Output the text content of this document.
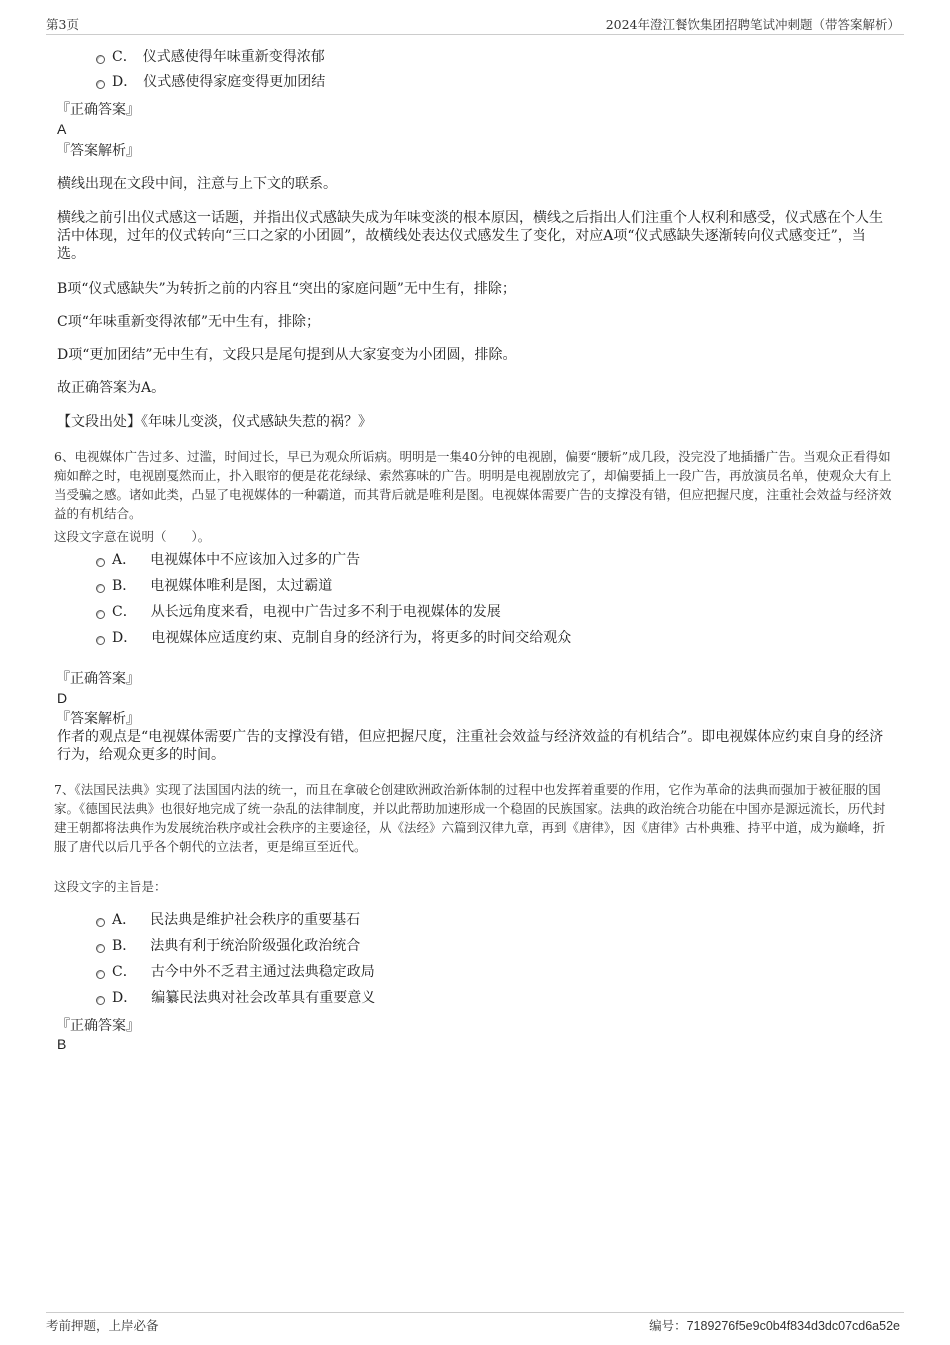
第3页	2024年澄江餐饮集团招聘笔试冲刺题（带答案解析）
C． 仪式感使得年味重新变得浓郁
D． 仪式感使得家庭变得更加团结
『正确答案』
A
『答案解析』
横线出现在文段中间，注意与上下文的联系。
横线之前引出仪式感这一话题，并指出仪式感缺失成为年味变淡的根本原因，横线之后指出人们注重个人权利和感受，仪式感在个人生活中体现，过年的仪式转向“三口之家的小团圆”，故横线处表达仪式感发生了变化，对应A项“仪式感缺失逐渐转向仪式感变迁”，当选。
B项“仪式感缺失”为转折之前的内容且“突出的家庭问题”无中生有，排除；
C项“年味重新变得浓郁”无中生有，排除；
D项“更加团结”无中生有，文段只是尾句提到从大家宴变为小团圆，排除。
故正确答案为A。
【文段出处】《年味儿变淡，仪式感缺失惹的祸？》
6、电视媒体广告过多、过滥，时间过长，早已为观众所诟病。明明是一集40分钟的电视剧，偏要“腰斩”成几段，没完没了地插播广告。当观众正看得如痴如醉之时，电视剧戛然而止，扑入眼帘的便是花花绿绿、索然寡味的广告。明明是电视剧放完了，却偏要插上一段广告，再放演员名单，使观众大有上当受骗之感。诸如此类，凸显了电视媒体的一种霸道，而其背后就是唯利是图。电视媒体需要广告的支撑没有错，但应把握尺度，注重社会效益与经济效益的有机结合。
这段文字意在说明（　　）。
A． 电视媒体中不应该加入过多的广告
B． 电视媒体唯利是图，太过霸道
C． 从长远角度来看，电视中广告过多不利于电视媒体的发展
D． 电视媒体应适度约束、克制自身的经济行为，将更多的时间交给观众
『正确答案』
D
『答案解析』
作者的观点是“电视媒体需要广告的支撑没有错，但应把握尺度，注重社会效益与经济效益的有机结合”。即电视媒体应约束自身的经济行为，给观众更多的时间。
7、《法国民法典》实现了法国国内法的统一，而且在拿破仑创建欧洲政治新体制的过程中也发挥着重要的作用，它作为革命的法典而强加于被征服的国家。《德国民法典》也很好地完成了统一杂乱的法律制度，并以此帮助加速形成一个稳固的民族国家。法典的政治统合功能在中国亦是源远流长，历代封建王朝都将法典作为发展统治秩序或社会秩序的主要途径，从《法经》六篇到汉律九章，再到《唐律》，因《唐律》古朴典雅、持平中道，成为巅峰，折服了唐代以后几乎各个朝代的立法者，更是绵亘至近代。
这段文字的主旨是：
A． 民法典是维护社会秩序的重要基石
B． 法典有利于统治阶级强化政治统合
C． 古今中外不乏君主通过法典稳定政局
D． 编纂民法典对社会改革具有重要意义
『正确答案』
B
考前押题，上岸必备	编号：7189276f5e9c0b4f834d3dc07cd6a52e
